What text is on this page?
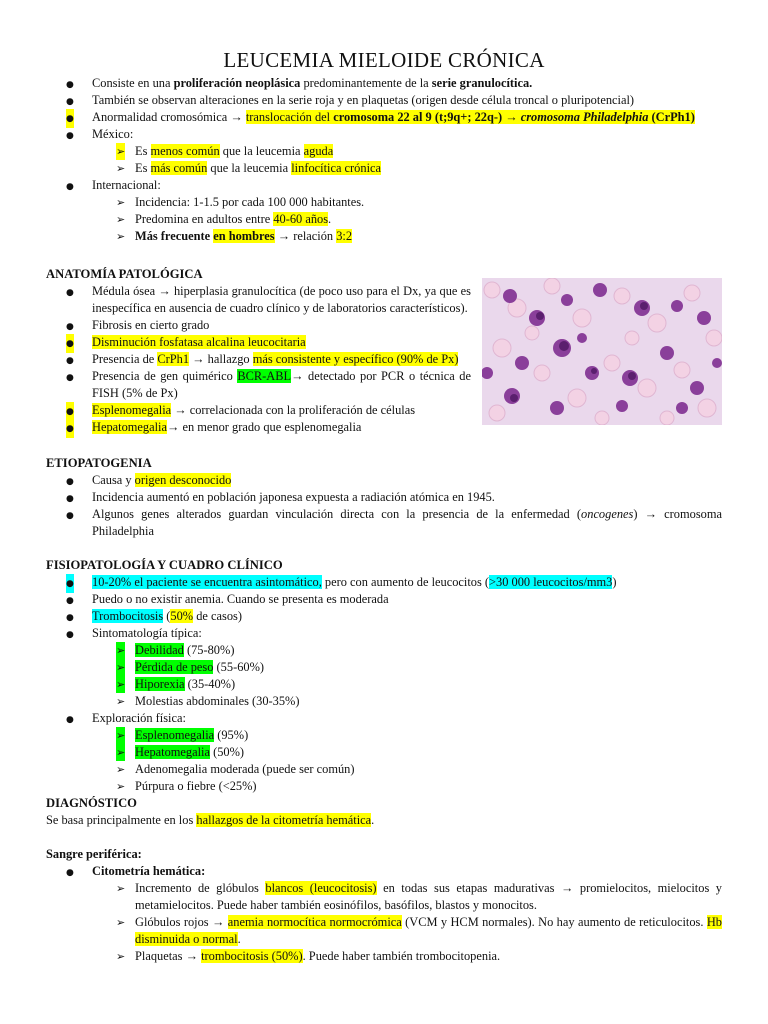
LEUCEMIA MIELOIDE CRÓNICA
●
Consiste en una proliferación neoplásica predominantemente de la serie granulocítica.
●
También se observan alteraciones en la serie roja y en plaquetas (origen desde célula troncal o pluripotencial)
●
Anormalidad cromosómica → translocación del cromosoma 22 al 9 (t;9q+; 22q-) → cromosoma Philadelphia (CrPh1)
●
México:
➢
Es menos común que la leucemia aguda
➢
Es más común que la leucemia linfocítica crónica
●
Internacional:
➢
Incidencia: 1-1.5 por cada 100 000 habitantes.
➢
Predomina en adultos entre 40-60 años.
➢
Más frecuente en hombres → relación 3:2
ANATOMÍA PATOLÓGICA
●
Médula ósea → hiperplasia granulocítica (de poco uso para el Dx, ya que es inespecífica en ausencia de cuadro clínico y de laboratorios característicos).
●
Fibrosis en cierto grado
●
Disminución fosfatasa alcalina leucocitaria
●
Presencia de CrPh1 → hallazgo más consistente y específico (90% de Px)
●
Presencia de gen quimérico BCR-ABL→ detectado por PCR o técnica de FISH (5% de Px)
●
Esplenomegalia → correlacionada con la proliferación de células
●
Hepatomegalia→ en menor grado que esplenomegalia
ETIOPATOGENIA
●
Causa y origen desconocido
●
Incidencia aumentó en población japonesa expuesta a radiación atómica en 1945.
●
Algunos genes alterados guardan vinculación directa con la presencia de la enfermedad (oncogenes) → cromosoma Philadelphia
FISIOPATOLOGÍA Y CUADRO CLÍNICO
●
10-20% el paciente se encuentra asintomático, pero con aumento de leucocitos (>30 000 leucocitos/mm3)
●
Puedo o no existir anemia. Cuando se presenta es moderada
●
Trombocitosis (50% de casos)
●
Sintomatología típica:
➢
Debilidad (75-80%)
➢
Pérdida de peso (55-60%)
➢
Hiporexia (35-40%)
➢
Molestias abdominales (30-35%)
●
Exploración física:
➢
Esplenomegalia (95%)
➢
Hepatomegalia (50%)
➢
Adenomegalia moderada (puede ser común)
➢
Púrpura o fiebre (<25%)
DIAGNÓSTICO
Se basa principalmente en los hallazgos de la citometría hemática.
Sangre periférica:
●
Citometría hemática:
➢
Incremento de glóbulos blancos (leucocitosis) en todas sus etapas madurativas → promielocitos, mielocitos y metamielocitos. Puede haber también eosinófilos, basófilos, blastos y monocitos.
➢
Glóbulos rojos → anemia normocítica normocrómica (VCM y HCM normales). No hay aumento de reticulocitos. Hb disminuida o normal.
➢
Plaquetas → trombocitosis (50%). Puede haber también trombocitopenia.
